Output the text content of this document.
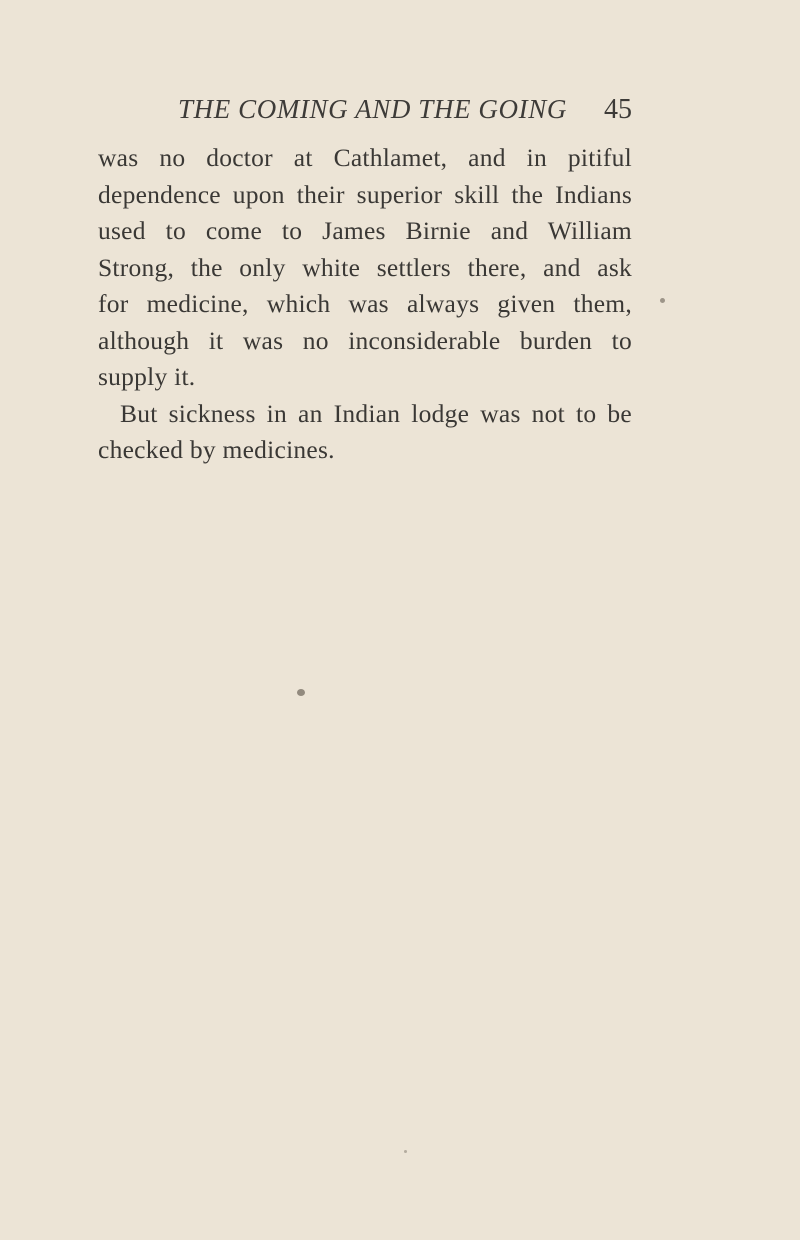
THE COMING AND THE GOING 45
was no doctor at Cathlamet, and in pitiful
dependence upon their superior skill the Indians
used to come to James Birnie and William
Strong, the only white settlers there, and ask
for medicine, which was always given them,
although it was no inconsiderable burden to
supply it.
But sickness in an Indian lodge was not to be
checked by medicines.
